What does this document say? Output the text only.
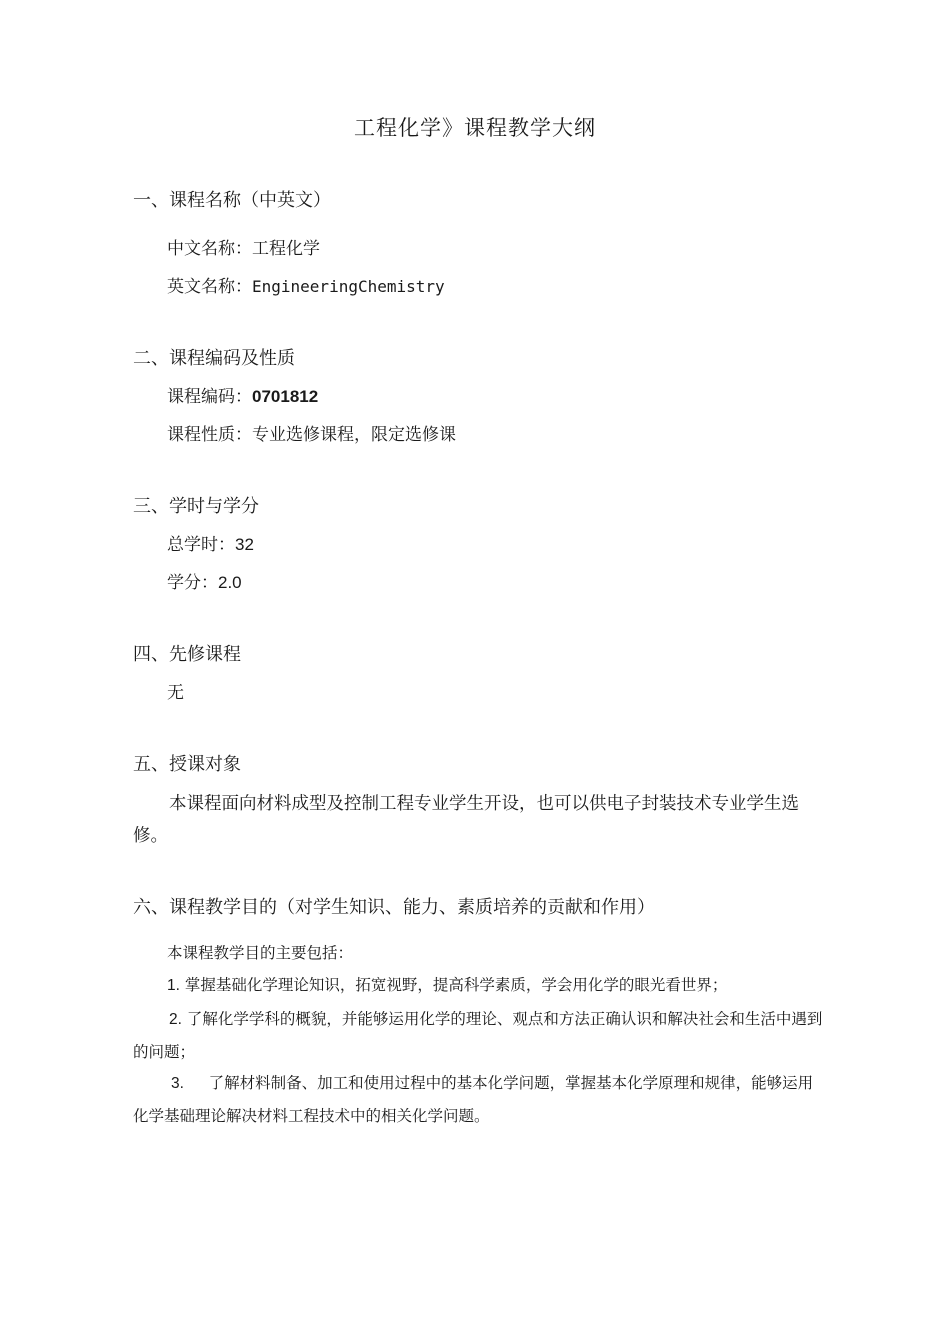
工程化学》课程教学大纲
一、课程名称（中英文）
中文名称：工程化学
英文名称：EngineeringChemistry
二、课程编码及性质
课程编码：0701812
课程性质：专业选修课程，限定选修课
三、学时与学分
总学时：32
学分：2.0
四、先修课程
无
五、授课对象
本课程面向材料成型及控制工程专业学生开设，也可以供电子封装技术专业学生选修。
六、课程教学目的（对学生知识、能力、素质培养的贡献和作用）
本课程教学目的主要包括：
1. 掌握基础化学理论知识，拓宽视野，提高科学素质，学会用化学的眼光看世界；
2. 了解化学学科的概貌，并能够运用化学的理论、观点和方法正确认识和解决社会和生活中遇到的问题；
3. 了解材料制备、加工和使用过程中的基本化学问题，掌握基本化学原理和规律，能够运用化学基础理论解决材料工程技术中的相关化学问题。
